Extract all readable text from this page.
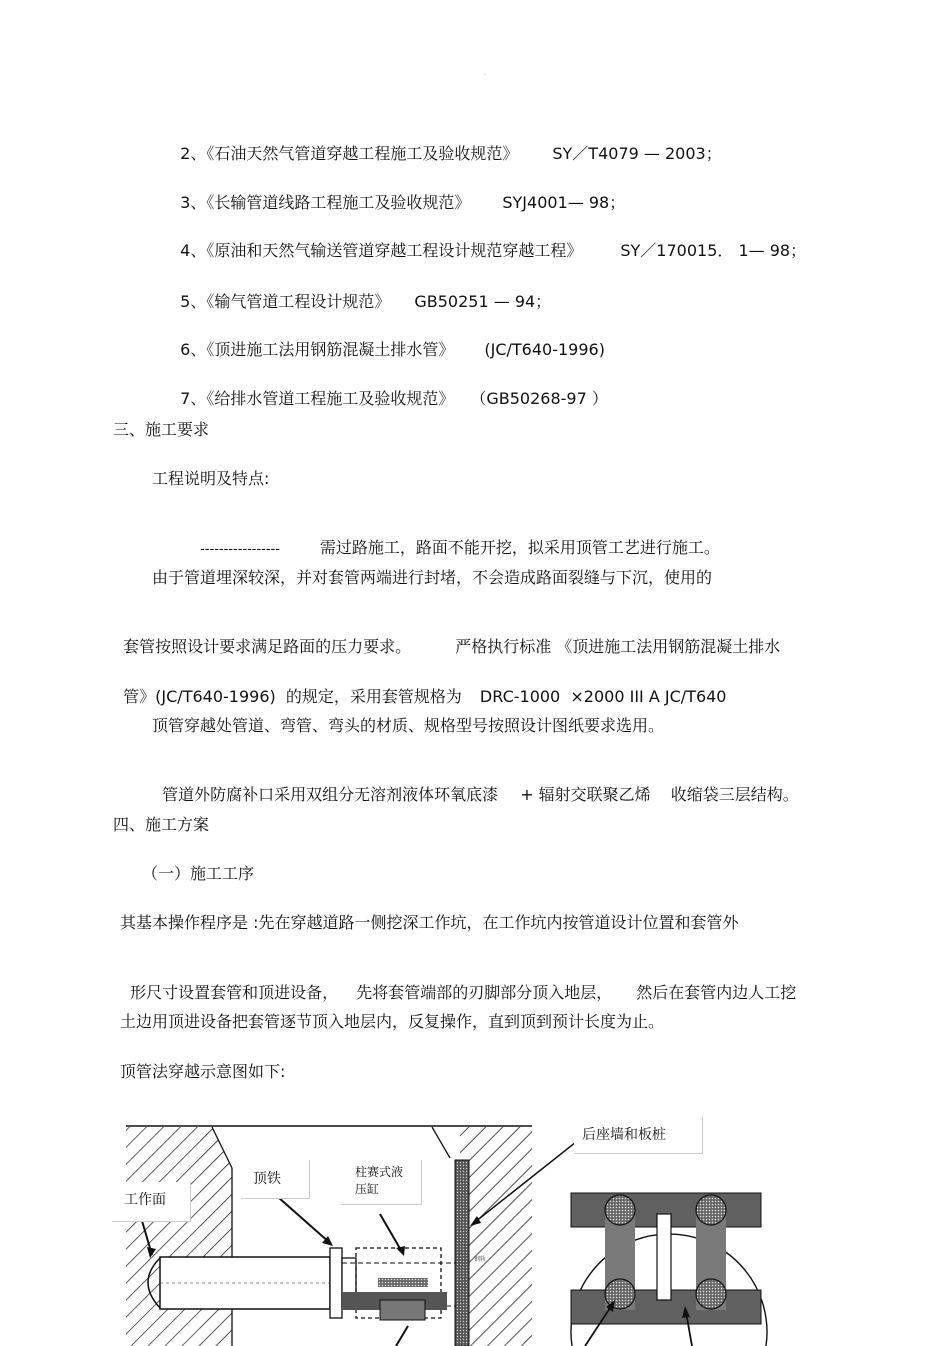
·

2、《石油天然气管道穿越工程施工及验收规范》 SY／T4079 — 2003；

3、《长输管道线路工程施工及验收规范》 SYJ4001— 98；

4、《原油和天然气输送管道穿越工程设计规范穿越工程》 SY／170015． 1— 98；

5、《输气管道工程设计规范》 GB50251 — 94；

6、《顶进施工法用钢筋混凝土排水管》 (JC/T640-1996)

7、《给排水管道工程施工及验收规范》 （GB50268-97 ）

三、施工要求
工程说明及特点:

-----------------	需过路施工，路面不能开挖，拟采用顶管工艺进行施工。

由于管道埋深较深，并对套管两端进行封堵，不会造成路面裂缝与下沉，使用的

套管按照设计要求满足路面的压力要求。	严格执行标准 《顶进施工法用钢筋混凝土排水

管》(JC/T640-1996)  的规定，采用套管规格为 DRC-1000  ×2000 III A JC/T640

顶管穿越处管道、弯管、弯头的材质、规格型号按照设计图纸要求选用。

管道外防腐补口采用双组分无溶剂液体环氧底漆 + 辐射交联聚乙烯 收缩袋三层结构。

四、施工方案
（一）施工工序
其基本操作程序是 :先在穿越道路一侧挖深工作坑，在工作坑内按管道设计位置和套管外

形尺寸设置套管和顶进设备， 先将套管端部的刃脚部分顶入地层， 然后在套管内边人工挖

土边用顶进设备把套管逐节顶入地层内，反复操作，直到顶到预计长度为止。
顶管法穿越示意图如下:
后座墙和板桩
顶铁	柱赛式液
压缸
工作面
钢轨
